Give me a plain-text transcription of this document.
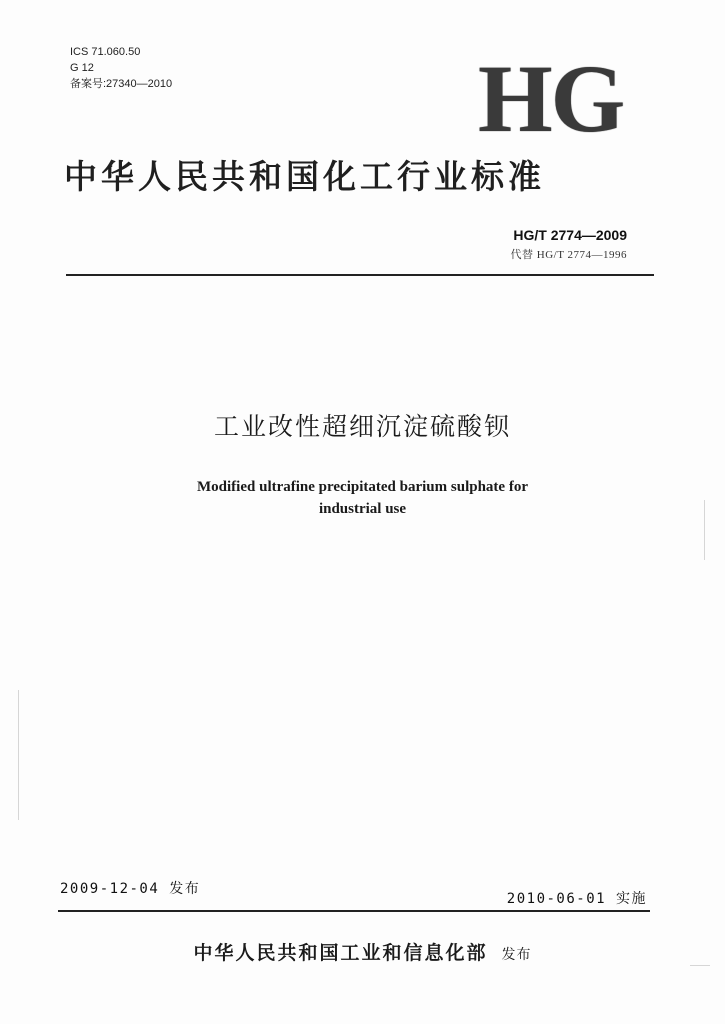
ICS 71.060.50
G 12
备案号:27340—2010	HG
中华人民共和国化工行业标准
HG/T 2774—2009
代替 HG/T 2774—1996
工业改性超细沉淀硫酸钡
Modified ultrafine precipitated barium sulphate for
industrial use
2009-12-04 发布
2010-06-01 实施
中华人民共和国工业和信息化部 发布
